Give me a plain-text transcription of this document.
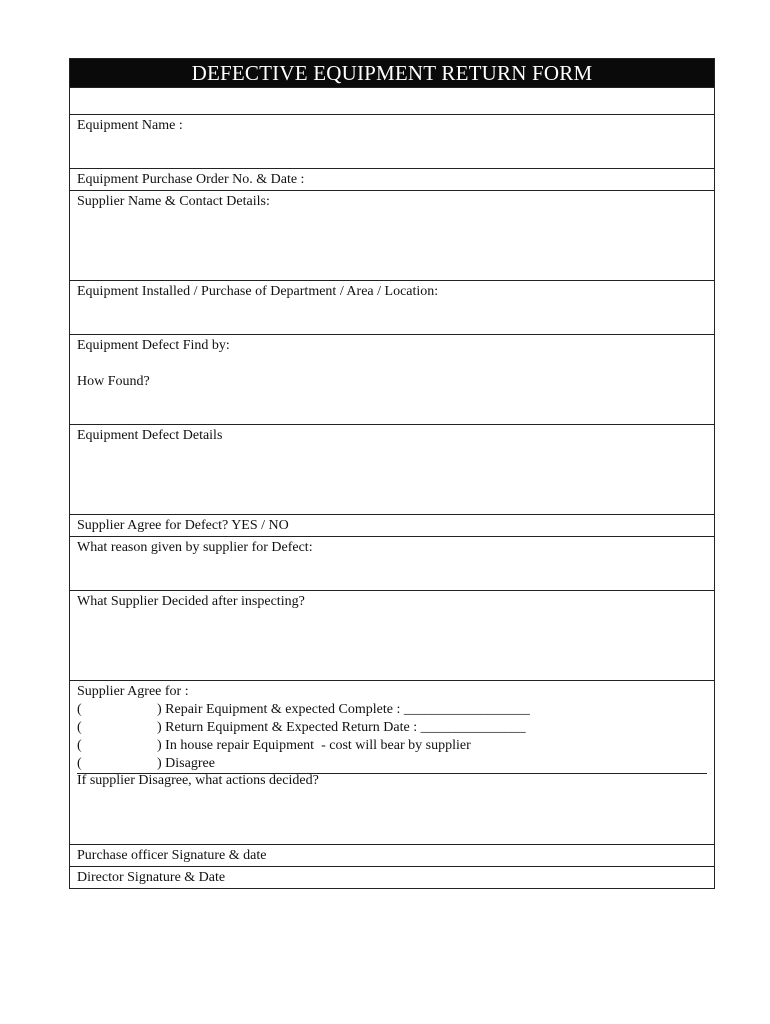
DEFECTIVE EQUIPMENT RETURN FORM
Equipment Name :
Equipment Purchase Order No. & Date :
Supplier Name & Contact Details:
Equipment Installed / Purchase of Department / Area / Location:
Equipment Defect Find by:
How Found?
Equipment Defect Details
Supplier Agree for Defect? YES / NO
What reason given by supplier for Defect:
What Supplier Decided after inspecting?
Supplier Agree for :
(	) Repair Equipment & expected Complete : __________________
(	) Return Equipment & Expected Return Date : _______________
(	) In house repair Equipment  - cost will bear by supplier
(	) Disagree
If supplier Disagree, what actions decided?
Purchase officer Signature & date
Director Signature & Date
